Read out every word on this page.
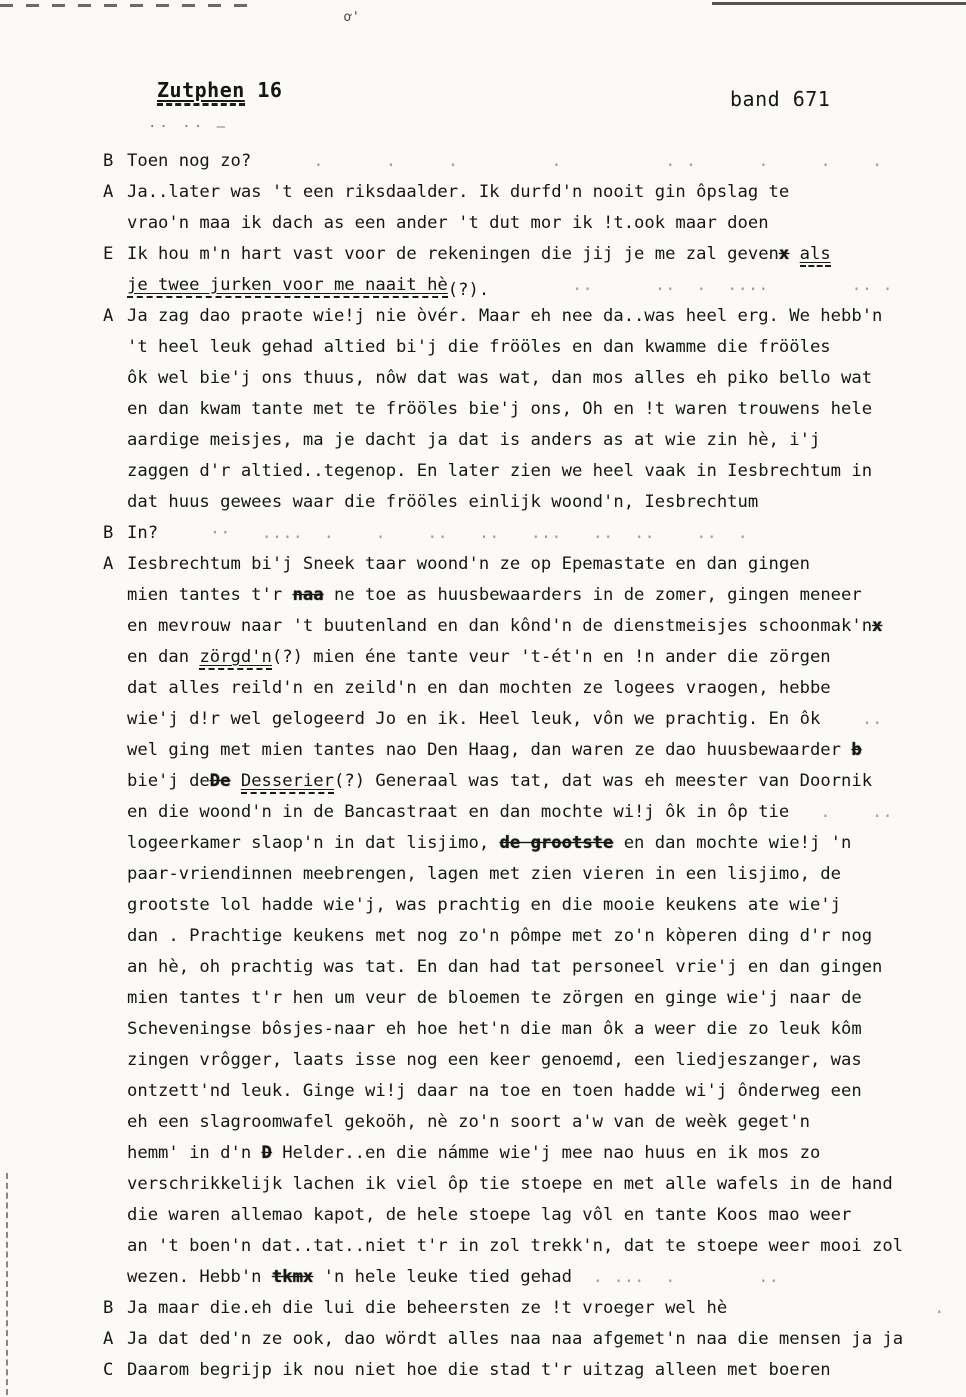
ơ'
·· ·· –
Zutphen 16	band 671
B Toen nog zo?      .      .     .         .          . .      .     .    .
A Ja..later was 't een riksdaalder. Ik durfd'n nooit gin ôpslag te
vrao'n maa ik dach as een ander 't dut mor ik !t.ook maar doen
E Ik hou m'n hart vast voor de rekeningen die jij je me zal gevenx als
je twee jurken voor me naait hè(?).        ..      ..  .  ....        .. .
A Ja zag dao praote wie!j nie òvér. Maar eh nee da..was heel erg. We hebb'n
't heel leuk gehad altied bi'j die frööles en dan kwamme die frööles
ôk wel bie'j ons thuus, nôw dat was wat, dan mos alles eh piko bello wat
en dan kwam tante met te frööles bie'j ons, Oh en !t waren trouwens hele
aardige meisjes, ma je dacht ja dat is anders as at wie zin hè, i'j
zaggen d'r altied..tegenop. En later zien we heel vaak in Iesbrechtum in
dat huus gewees waar die frööles einlijk woond'n, Iesbrechtum
B In?     ··   ....  .    .    ..   ..   ...   ..  ..    ..  .
A Iesbrechtum bi'j Sneek taar woond'n ze op Epemastate en dan gingen
mien tantes t'r naa ne toe as huusbewaarders in de zomer, gingen meneer
en mevrouw naar 't buutenland en dan kônd'n de dienstmeisjes schoonmak'nx
en dan zörgd'n(?) mien éne tante veur 't-ét'n en !n ander die zörgen
dat alles reild'n en zeild'n en dan mochten ze logees vraogen, hebbe
wie'j d!r wel gelogeerd Jo en ik. Heel leuk, vôn we prachtig. En ôk    ..
wel ging met mien tantes nao Den Haag, dan waren ze dao huusbewaarder b
bie'j deDe Desserier(?) Generaal was tat, dat was eh meester van Doornik
en die woond'n in de Bancastraat en dan mochte wi!j ôk in ôp tie   .    ..
logeerkamer slaop'n in dat lisjimo, de grootste en dan mochte wie!j 'n
paar-vriendinnen meebrengen, lagen met zien vieren in een lisjimo, de
grootste lol hadde wie'j, was prachtig en die mooie keukens ate wie'j
dan . Prachtige keukens met nog zo'n pômpe met zo'n kòperen ding d'r nog
an hè, oh prachtig was tat. En dan had tat personeel vrie'j en dan gingen
mien tantes t'r hen um veur de bloemen te zörgen en ginge wie'j naar de
Scheveningse bôsjes-naar eh hoe het'n die man ôk a weer die zo leuk kôm
zingen vrôgger, laats isse nog een keer genoemd, een liedjeszanger, was
ontzett'nd leuk. Ginge wi!j daar na toe en toen hadde wi'j ônderweg een
eh een slagroomwafel gekoöh, nè zo'n soort a'w van de weèk geget'n
hemm' in d'n D Helder..en die námme wie'j mee nao huus en ik mos zo
verschrikkelijk lachen ik viel ôp tie stoepe en met alle wafels in de hand
die waren allemao kapot, de hele stoepe lag vôl en tante Koos mao weer
an 't boen'n dat..tat..niet t'r in zol trekk'n, dat te stoepe weer mooi zol
wezen. Hebb'n tkmx 'n hele leuke tied gehad  . ...  .        ..
B Ja maar die.eh die lui die beheersten ze !t vroeger wel hè                    .
A Ja dat ded'n ze ook, dao wördt alles naa naa afgemet'n naa die mensen ja ja
C Daarom begrijp ik nou niet hoe die stad t'r uitzag alleen met boeren
